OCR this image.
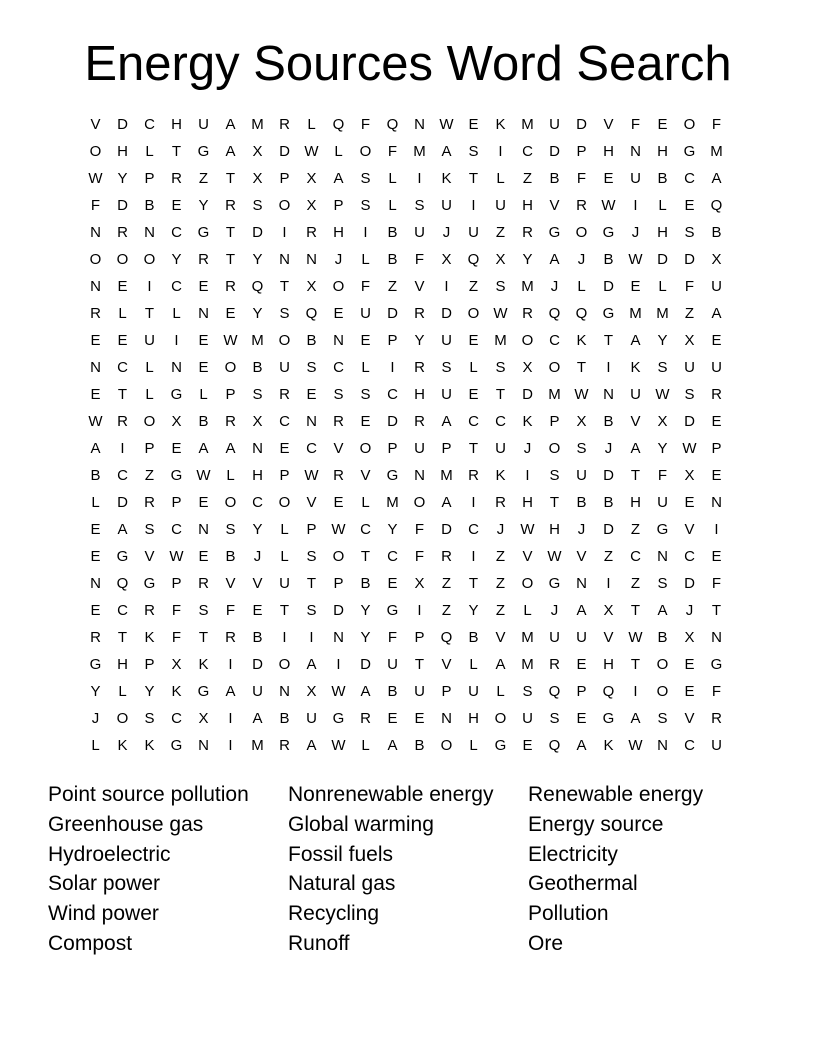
Energy Sources Word Search
V	D	C	H	U	A	M	R	L	Q	F	Q	N W E	K	M	U	D	V	F	E	O	F
O	H	L	T	G	A	X	D W	L	O	F	M	A	S	I	C	D	P	H	N	H	G M
W Y	P	R	Z	T	X	P	X	A	S	L	I	K	T	L	Z	B	F	E	U	B	C	A
F	D	B	E	Y	R	S	O	X	P	S	L	S	U	I	U	H	V	R W	I	L	E	Q
N	R	N	C	G	T	D	I	R	H	I	B	U	J	U	Z	R	G	O	G	J	H	S	B
O	O	O	Y	R	T	Y	N	N	J	L	B	F	X	Q	X	Y	A	J	B W D	D	X
N	E	I	C	E	R	Q	T	X	O	F	Z	V	I	Z	S	M	J	L	D	E	L	F	U
R	L	T	L	N	E	Y	S	Q	E	U	D	R	D	O W R	Q	Q	G M M	Z	A
E	E	U	I	E W M O	B	N	E	P	Y	U	E	M O	C	K	T	A	Y	X	E
N	C	L	N	E	O	B	U	S	C	L	I	R	S	L	S	X	O	T	I	K	S	U	U
E	T	L	G	L	P	S	R	E	S	S	C	H	U	E	T	D	M W N	U W S	R
W R	O	X	B	R	X	C	N	R	E	D	R	A	C	C	K	P	X	B	V	X	D	E
A	I	P	E	A	A	N	E	C	V	O	P	U	P	T	U	J	O	S	J	A	Y W P
B	C	Z	G W	L	H	P W R	V	G	N	M	R	K	I	S	U	D	T	F	X	E
L	D	R	P	E	O	C	O	V	E	L	M O	A	I	R	H	T	B	B	H	U	E	N
E	A	S	C	N	S	Y	L	P W C	Y	F	D	C	J	W H	J	D	Z	G	V	I
E	G	V W E	B	J	L	S	O	T	C	F	R	I	Z	V W V	Z	C	N	C	E
N	Q	G	P	R	V	V	U	T	P	B	E	X	Z	T	Z	O	G	N	I	Z	S	D	F
E	C	R	F	S	F	E	T	S	D	Y	G	I	Z	Y	Z	L	J	A	X	T	A	J	T
R	T	K	F	T	R	B	I	I	N	Y	F	P	Q	B	V	M	U	U	V W B	X	N
G	H	P	X	K	I	D	O	A	I	D	U	T	V	L	A	M	R	E	H	T	O	E	G
Y	L	Y	K	G	A	U	N	X W A	B	U	P	U	L	S	Q	P	Q	I	O	E	F
J	O	S	C	X	I	A	B	U	G	R	E	E	N	H	O	U	S	E	G	A	S	V	R
L	K	K	G	N	I	M	R	A W	L	A	B	O	L	G	E	Q	A	K W N	C	U
Point source pollution
Greenhouse gas
Hydroelectric
Solar power
Wind power
Compost
Nonrenewable energy
Global warming
Fossil fuels
Natural gas
Recycling
Runoff
Renewable energy
Energy source
Electricity
Geothermal
Pollution
Ore
